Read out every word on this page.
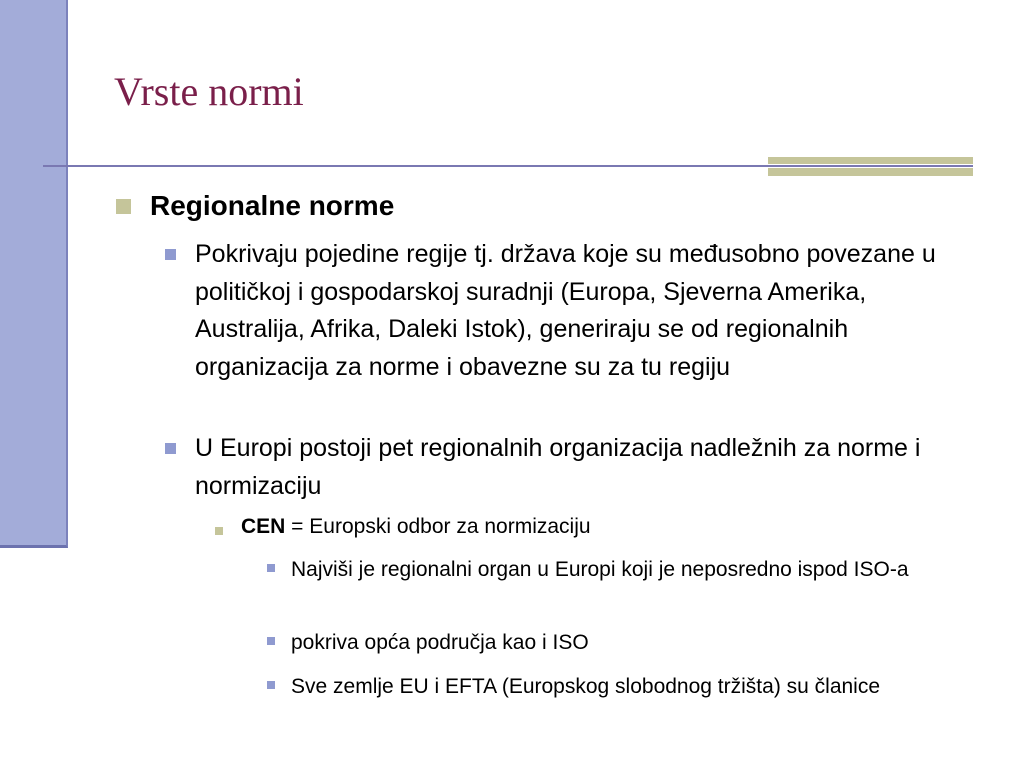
Vrste normi

Regionalne norme

Pokrivaju pojedine regije tj. država koje su međusobno povezane u političkoj i gospodarskoj suradnji (Europa, Sjeverna Amerika, Australija, Afrika, Daleki Istok), generiraju se od regionalnih organizacija za norme i obavezne su za tu regiju

U Europi postoji pet regionalnih organizacija nadležnih za norme i normizaciju

CEN = Europski odbor za normizaciju

Najviši je regionalni organ u Europi koji je neposredno ispod ISO-a

pokriva opća područja kao i ISO

Sve zemlje EU i EFTA (Europskog slobodnog tržišta) su članice
